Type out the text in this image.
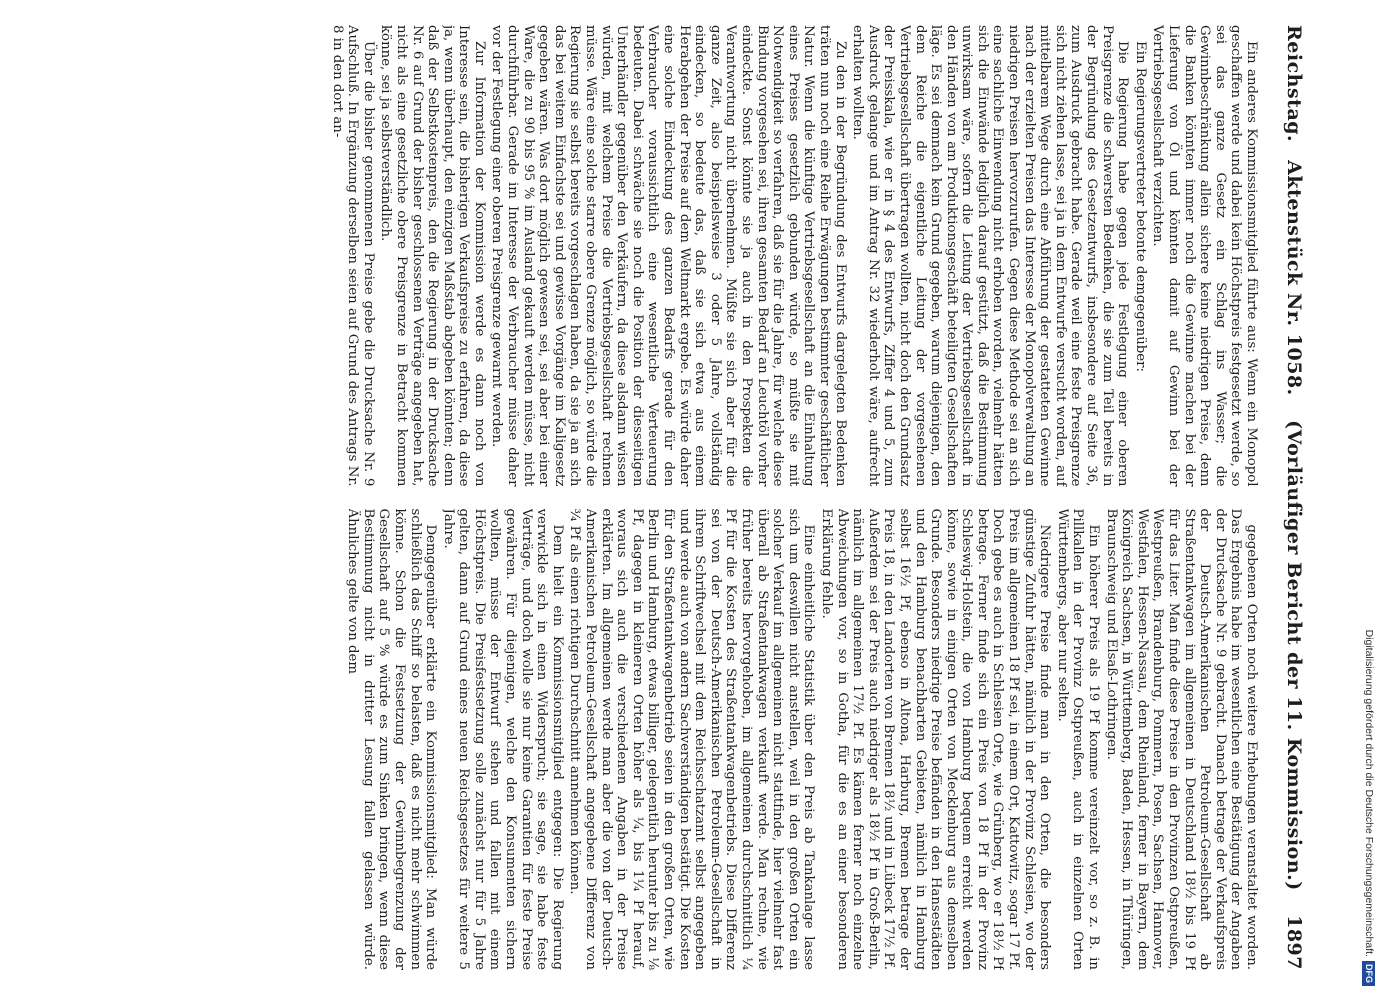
Reichstag.
Aktenstück Nr. 1058.
(Vorläufiger Bericht der 11. Kommission.)
1897

Ein anderes Kommissionsmitglied führte aus: Wenn ein Monopol geschaffen werde und dabei kein Höchstpreis festgesetzt werde, so sei das ganze Gesetz ein Schlag ins Wasser; die Gewinnbeschränkung allein sichere keine niedrigen Preise, denn die Banken könnten immer noch die Gewinne machen bei der Lieferung von Öl und könnten damit auf Gewinn bei der Vertriebsgesellschaft verzichten.

Ein Regierungsvertreter betonte demgegenüber:

Die Regierung habe gegen jede Festlegung einer oberen Preisgrenze die schwersten Bedenken, die sie zum Teil bereits in der Begründung des Gesetzentwurfs, insbesondere auf Seite 36, zum Ausdruck gebracht habe. Gerade weil eine feste Preisgrenze sich nicht ziehen lasse, sei ja in dem Entwurfe versucht worden, auf mittelbarem Wege durch eine Abführung der gestatteten Gewinne nach der erzielten Preisen das Interesse der Monopolverwaltung an niedrigen Preisen hervorzurufen. Gegen diese Methode sei an sich eine sachliche Einwendung nicht erhoben worden, vielmehr hätten sich die Einwände lediglich darauf gestützt, daß die Bestimmung unwirksam wäre, sofern die Leitung der Vertriebsgesellschaft in den Händen von am Produktionsgeschäft beteiligten Gesellschaften läge. Es sei demnach kein Grund gegeben, warum diejenigen, den dem Reiche die eigentliche Leitung der vorgesehenen Vertriebsgesellschaft übertragen wollten, nicht doch den Grundsatz der Preisskala, wie er in § 4 des Entwurfs, Ziffer 4 und 5, zum Ausdruck gelange und im Antrag Nr. 32 wiederholt wäre, aufrecht erhalten wollten.

Zu den in der Begründung des Entwurfs dargelegten Bedenken träten nun noch eine Reihe Erwägungen bestimmter geschäftlicher Natur. Wenn die künftige Vertriebsgesellschaft an die Einhaltung eines Preises gesetzlich gebunden würde, so müßte sie mit Notwendigkeit so verfahren, daß sie für die Jahre, für welche diese Bindung vorgesehen sei, ihren gesamten Bedarf an Leuchtöl vorher eindeckte. Sonst könnte sie ja auch in den Prospekten die Verantwortung nicht übernehmen. Müßte sie sich aber für die ganze Zeit, also beispielsweise 3 oder 5 Jahre, vollständig eindecken, so bedeute das, daß sie sich etwa aus einem Herabgehen der Preise auf dem Weltmarkt ergebe. Es würde daher eine solche Eindeckung des ganzen Bedarfs gerade für den Verbraucher voraussichtlich eine wesentliche Verteuerung bedeuten. Dabei schwäche sie noch die Position der diesseitigen Unterhändler gegenüber den Verkäufern, da diese alsdann wissen würden, mit welchem Preise die Vertriebsgesellschaft rechnen müsse. Wäre eine solche starre obere Grenze möglich, so würde die Regierung sie selbst bereits vorgeschlagen haben, da sie ja an sich das bei weitem Einfachste sei und gewisse Vorgänge im Kaligesetz gegeben wären. Was dort möglich gewesen sei, sei aber bei einer Ware, die zu 90 bis 95 % im Ausland gekauft werden müsse, nicht durchführbar. Gerade im Interesse der Verbraucher müsse daher vor der Festlegung einer oberen Preisgrenze gewarnt werden.

Zur Information der Kommission werde es dann noch von Interesse sein, die bisherigen Verkaufspreise zu erfahren, da diese ja, wenn überhaupt, den einzigen Maßstab abgeben könnten; denn daß der Selbstkostenpreis, den die Regierung in der Drucksache Nr. 6 auf Grund der bisher geschlossenen Verträge angegeben hat, nicht als eine gesetzliche obere Preisgrenze in Betracht kommen könne, sei ja selbstverständlich.

Über die bisher genommenen Preise gebe die Drucksache Nr. 9 Aufschluß. In Ergänzung derselben seien auf Grund des Antrags Nr. 8 in den dort an-

gegebenen Orten noch weitere Erhebungen veranstaltet worden. Das Ergebnis habe im wesentlichen eine Bestätigung der Angaben der Drucksache Nr. 9 gebracht. Danach betrage der Verkaufspreis der Deutsch-Amerikanischen Petroleum-Gesellschaft ab Straßentankwagen im allgemeinen in Deutschland 18½ bis 19 Pf für das Liter. Man finde diese Preise in den Provinzen Ostpreußen, Westpreußen, Brandenburg, Pommern, Posen, Sachsen, Hannover, Westfalen, Hessen-Nassau, dem Rheinland, ferner in Bayern, dem Königreich Sachsen, in Württemberg, Baden, Hessen, in Thüringen, Braunschweig und Elsaß-Lothringen.

Ein höherer Preis als 19 Pf komme vereinzelt vor, so z. B. in Pillkallen in der Provinz Ostpreußen, auch in einzelnen Orten Württembergs, aber nur selten.

Niedrigere Preise finde man in den Orten, die besonders günstige Zufuhr hätten, nämlich in der Provinz Schlesien, wo der Preis im allgemeinen 18 Pf sei, in einem Ort, Kattowitz, sogar 17 Pf. Doch gebe es auch in Schlesien Orte, wie Grünberg, wo er 18½ Pf betrage. Ferner finde sich ein Preis von 18 Pf in der Provinz Schleswig-Holstein, die von Hamburg bequem erreicht werden könne, sowie in einigen Orten von Mecklenburg aus demselben Grunde. Besonders niedrige Preise befänden in den Hansestädten und den Hamburg benachbarten Gebieten, nämlich in Hamburg selbst 16½ Pf, ebenso in Altona, Harburg, Bremen betrage der Preis 18, in den Landorten von Bremen 18½ und in Lübeck 17½ Pf. Außerdem sei der Preis auch niedriger als 18½ Pf in Groß-Berlin, nämlich im allgemeinen 17½ Pf. Es kämen ferner noch einzelne Abweichungen vor, so in Gotha, für die es an einer besonderen Erklärung fehle.

Eine einheitliche Statistik über den Preis ab Tankanlage lasse sich um deswillen nicht anstellen, weil in den großen Orten ein solcher Verkauf im allgemeinen nicht stattfinde, hier vielmehr fast überall ab Straßentankwagen verkauft werde. Man rechne, wie früher bereits hervorgehoben, im allgemeinen durchschnittlich ¼ Pf für die Kosten des Straßentankwagenbetriebs. Diese Differenz sei von der Deutsch-Amerikanischen Petroleum-Gesellschaft in ihrem Schriftwechsel mit dem Reichsschatzamt selbst angegeben und werde auch von andern Sachverständigen bestätigt. Die Kosten für den Straßentankwagenbetrieb seien in den großen Orten, wie Berlin und Hamburg, etwas billiger, gelegentlich herunter bis zu ⅛ Pf, dagegen in kleineren Orten höher als ¼, bis 1¼ Pf herauf, woraus sich auch die verschiedenen Angaben in der Preise erklärten. Im allgemeinen werde man aber die von der Deutsch-Amerikanischen Petroleum-Gesellschaft angegebene Differenz von ¾ Pf als einen richtigen Durchschnitt annehmen können.

Dem hielt ein Kommissionsmitglied entgegen: Die Regierung verwickle sich in einen Widerspruch; sie sage, sie habe feste Verträge, und doch wolle sie nur keine Garantien für feste Preise gewähren. Für diejenigen, welche den Konsumenten sichern wollten, müsse der Entwurf stehen und fallen mit einem Höchstpreis. Die Preisfestsetzung solle zunächst nur für 5 Jahre gelten, dann auf Grund eines neuen Reichsgesetzes für weitere 5 Jahre.

Demgegenüber erklärte ein Kommissionsmitglied: Man würde schließlich das Schiff so belasten, daß es nicht mehr schwimmen könne. Schon die Festsetzung der Gewinnbegrenzung der Gesellschaft auf 5 % würde es zum Sinken bringen, wenn diese Bestimmung nicht in dritter Lesung fallen gelassen würde. Ähnliches gelte von dem

Digitalisierung gefördert durch die Deutsche Forschungsgemeinschaft.
DFG
